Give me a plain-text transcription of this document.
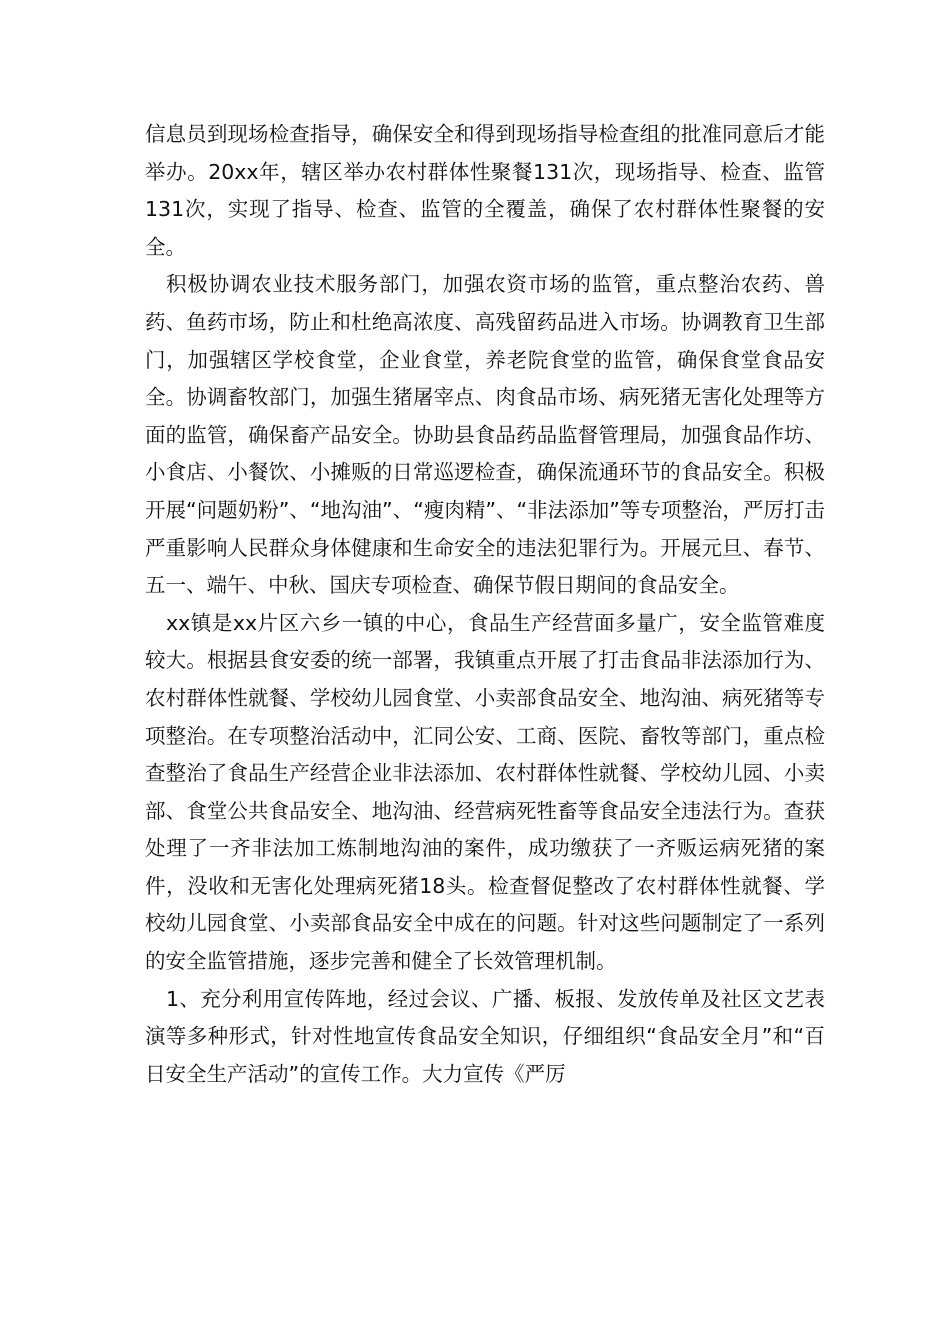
信息员到现场检查指导，确保安全和得到现场指导检查组的批准同意后才能举办。20xx年，辖区举办农村群体性聚餐131次，现场指导、检查、监管131次，实现了指导、检查、监管的全覆盖，确保了农村群体性聚餐的安全。

积极协调农业技术服务部门，加强农资市场的监管，重点整治农药、兽药、鱼药市场，防止和杜绝高浓度、高残留药品进入市场。协调教育卫生部门，加强辖区学校食堂，企业食堂，养老院食堂的监管，确保食堂食品安全。协调畜牧部门，加强生猪屠宰点、肉食品市场、病死猪无害化处理等方面的监管，确保畜产品安全。协助县食品药品监督管理局，加强食品作坊、小食店、小餐饮、小摊贩的日常巡逻检查，确保流通环节的食品安全。积极开展“问题奶粉”、“地沟油”、“瘦肉精”、“非法添加”等专项整治，严厉打击严重影响人民群众身体健康和生命安全的违法犯罪行为。开展元旦、春节、五一、端午、中秋、国庆专项检查、确保节假日期间的食品安全。

xx镇是xx片区六乡一镇的中心，食品生产经营面多量广，安全监管难度较大。根据县食安委的统一部署，我镇重点开展了打击食品非法添加行为、农村群体性就餐、学校幼儿园食堂、小卖部食品安全、地沟油、病死猪等专项整治。在专项整治活动中，汇同公安、工商、医院、畜牧等部门，重点检查整治了食品生产经营企业非法添加、农村群体性就餐、学校幼儿园、小卖部、食堂公共食品安全、地沟油、经营病死牲畜等食品安全违法行为。查获处理了一齐非法加工炼制地沟油的案件，成功缴获了一齐贩运病死猪的案件，没收和无害化处理病死猪18头。检查督促整改了农村群体性就餐、学校幼儿园食堂、小卖部食品安全中成在的问题。针对这些问题制定了一系列的安全监管措施，逐步完善和健全了长效管理机制。

1、充分利用宣传阵地，经过会议、广播、板报、发放传单及社区文艺表演等多种形式，针对性地宣传食品安全知识，仔细组织“食品安全月”和“百日安全生产活动”的宣传工作。大力宣传《严厉
